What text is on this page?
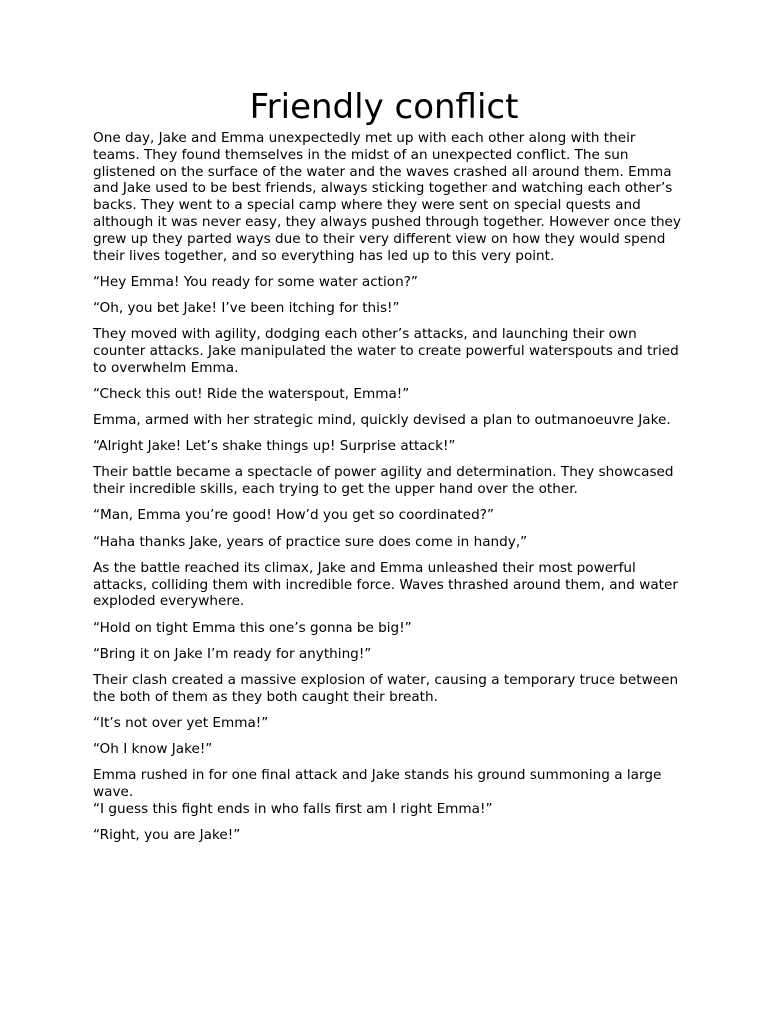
Friendly conflict

One day, Jake and Emma unexpectedly met up with each other along with their teams. They found themselves in the midst of an unexpected conflict. The sun glistened on the surface of the water and the waves crashed all around them. Emma and Jake used to be best friends, always sticking together and watching each other’s backs. They went to a special camp where they were sent on special quests and although it was never easy, they always pushed through together. However once they grew up they parted ways due to their very different view on how they would spend their lives together, and so everything has led up to this very point.

“Hey Emma! You ready for some water action?”

“Oh, you bet Jake! I’ve been itching for this!”

They moved with agility, dodging each other’s attacks, and launching their own counter attacks. Jake manipulated the water to create powerful waterspouts and tried to overwhelm Emma.

“Check this out! Ride the waterspout, Emma!”

Emma, armed with her strategic mind, quickly devised a plan to outmanoeuvre Jake.

“Alright Jake! Let’s shake things up! Surprise attack!”

Their battle became a spectacle of power agility and determination. They showcased their incredible skills, each trying to get the upper hand over the other.

“Man, Emma you’re good! How’d you get so coordinated?”

“Haha thanks Jake, years of practice sure does come in handy,”

As the battle reached its climax, Jake and Emma unleashed their most powerful attacks, colliding them with incredible force. Waves thrashed around them, and water exploded everywhere.

“Hold on tight Emma this one’s gonna be big!”

“Bring it on Jake I’m ready for anything!”

Their clash created a massive explosion of water, causing a temporary truce between the both of them as they both caught their breath.

“It’s not over yet Emma!”

“Oh I know Jake!”

Emma rushed in for one final attack and Jake stands his ground summoning a large wave.

“I guess this fight ends in who falls first am I right Emma!”

“Right, you are Jake!”
